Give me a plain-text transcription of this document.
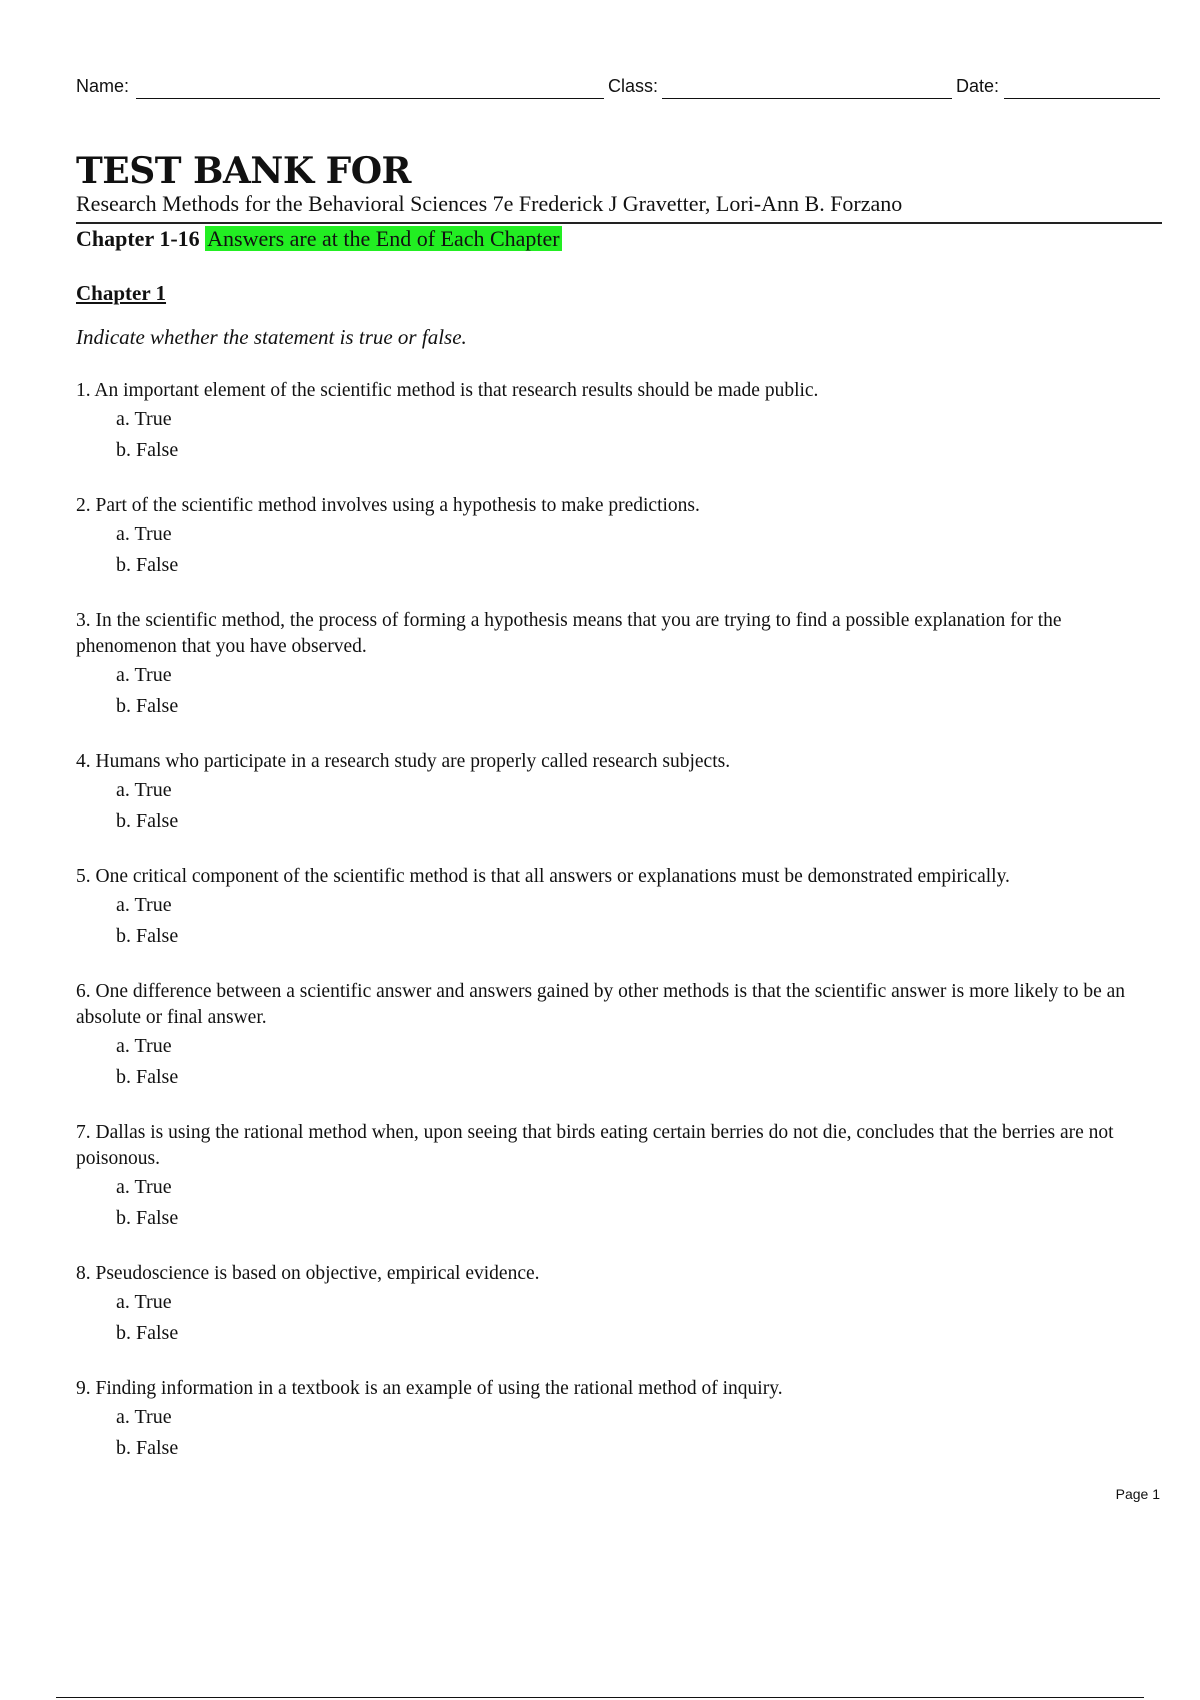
Name:	Class:	Date:
TEST BANK FOR
Research Methods for the Behavioral Sciences 7e Frederick J Gravetter, Lori-Ann B. Forzano
Chapter 1-16 Answers are at the End of Each Chapter
Chapter 1
Indicate whether the statement is true or false.

1. An important element of the scientific method is that research results should be made public.

a. True
b. False

2. Part of the scientific method involves using a hypothesis to make predictions.

a. True
b. False

3. In the scientific method, the process of forming a hypothesis means that you are trying to find a possible explanation for the phenomenon that you have observed.

a. True
b. False

4. Humans who participate in a research study are properly called research subjects.

a. True
b. False

5. One critical component of the scientific method is that all answers or explanations must be demonstrated empirically.

a. True
b. False

6. One difference between a scientific answer and answers gained by other methods is that the scientific answer is more likely to be an absolute or final answer.

a. True
b. False

7. Dallas is using the rational method when, upon seeing that birds eating certain berries do not die, concludes that the berries are not poisonous.

a. True
b. False

8. Pseudoscience is based on objective, empirical evidence.

a. True
b. False

9. Finding information in a textbook is an example of using the rational method of inquiry.

a. True
b. False
Page 1
